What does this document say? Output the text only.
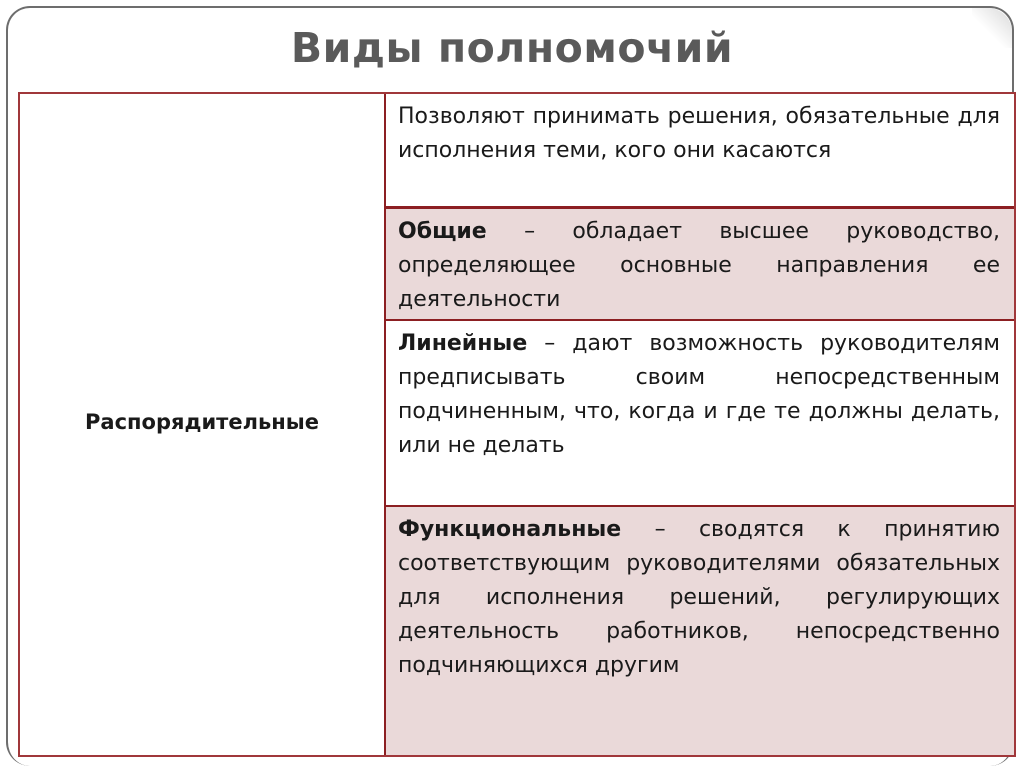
Виды полномочий
Распорядительные
Позволяют принимать решения, обязательные для исполнения теми, кого они касаются
Общие – обладает высшее руководство, определяющее основные направления ее деятельности
Линейные – дают возможность руководителям предписывать своим непосредственным подчиненным, что, когда и где те должны делать, или не делать
Функциональные – сводятся к принятию соответствующим руководителями обязательных для исполнения решений, регулирующих деятельность работников, непосредственно подчиняющихся другим
